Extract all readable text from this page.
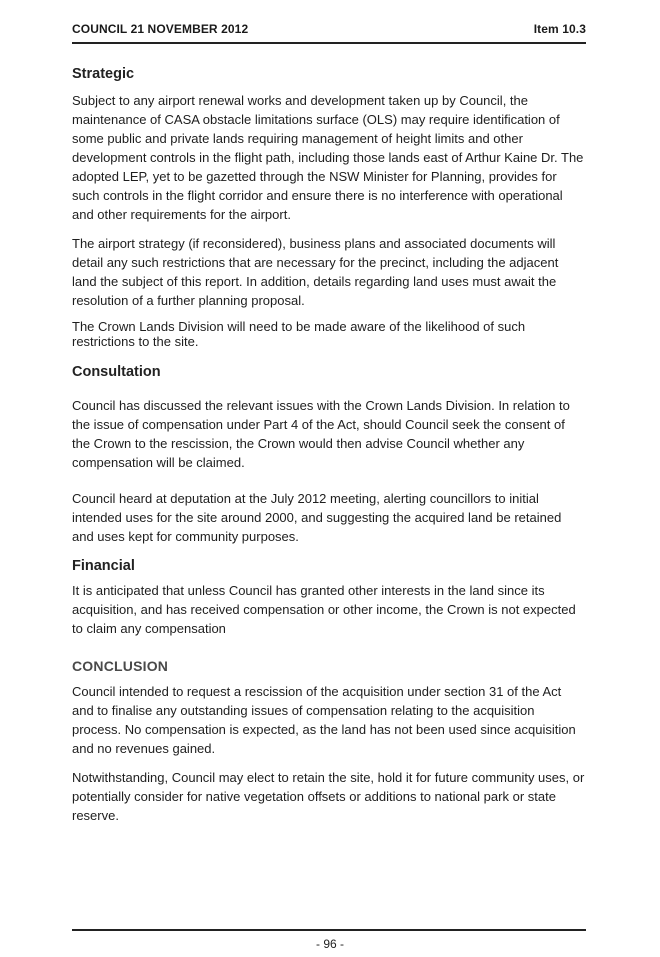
COUNCIL 21 NOVEMBER 2012	Item 10.3
Strategic

Subject to any airport renewal works and development taken up by Council, the maintenance of CASA obstacle limitations surface (OLS) may require identification of some public and private lands requiring management of height limits and other development controls in the flight path, including those lands east of Arthur Kaine Dr. The adopted LEP, yet to be gazetted through the NSW Minister for Planning, provides for such controls in the flight corridor and ensure there is no interference with operational and other requirements for the airport.

The airport strategy (if reconsidered), business plans and associated documents will detail any such restrictions that are necessary for the precinct, including the adjacent land the subject of this report. In addition, details regarding land uses must await the resolution of a further planning proposal.

The Crown Lands Division will need to be made aware of the likelihood of such restrictions to the site.

Consultation

Council has discussed the relevant issues with the Crown Lands Division. In relation to the issue of compensation under Part 4 of the Act, should Council seek the consent of the Crown to the rescission, the Crown would then advise Council whether any compensation will be claimed.

Council heard at deputation at the July 2012 meeting, alerting councillors to initial intended uses for the site around 2000, and suggesting the acquired land be retained and uses kept for community purposes.

Financial

It is anticipated that unless Council has granted other interests in the land since its acquisition, and has received compensation or other income, the Crown is not expected to claim any compensation

CONCLUSION

Council intended to request a rescission of the acquisition under section 31 of the Act and to finalise any outstanding issues of compensation relating to the acquisition process. No compensation is expected, as the land has not been used since acquisition and no revenues gained.

Notwithstanding, Council may elect to retain the site, hold it for future community uses, or potentially consider for native vegetation offsets or additions to national park or state reserve.

- 96 -
